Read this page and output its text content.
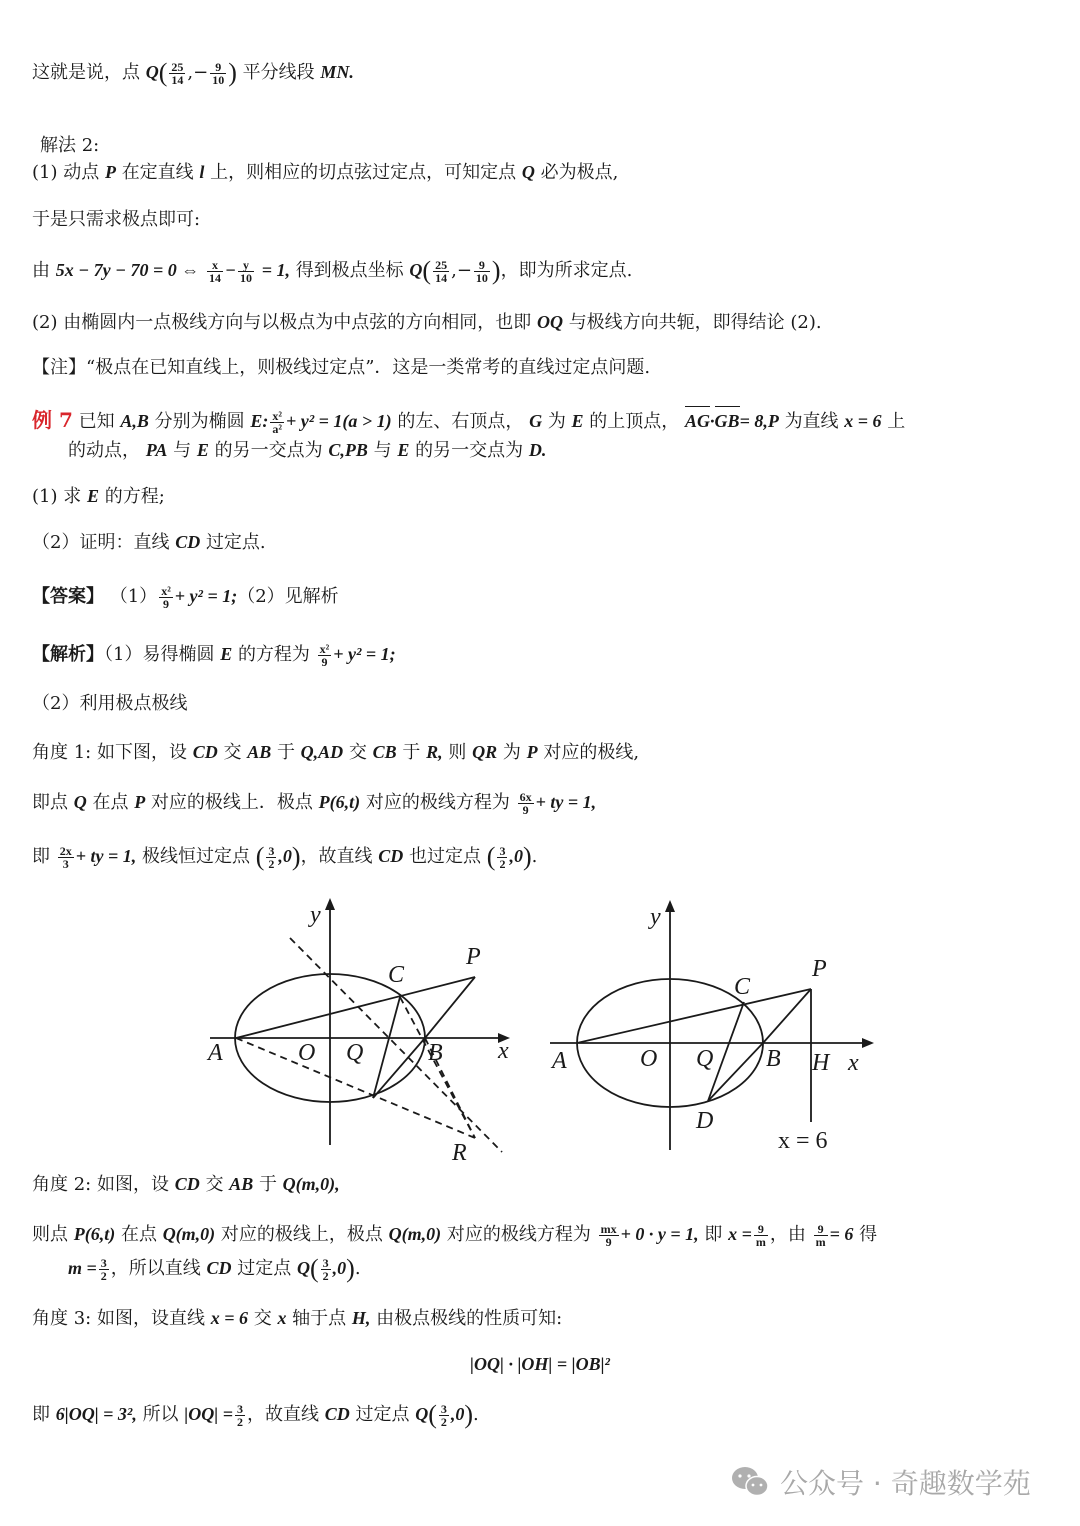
这就是说，点 $Q( \frac{25}{14}$ ,− $\frac{9}{10}$ ) 平分线段 MN.
解法 2:
(1) 动点 P 在定直线 l 上，则相应的切点弦过定点，可知定点 Q 必为极点,
于是只需求极点即可:
由 5x − 7y − 70 = 0 ⇔ $\frac{x}{14} - \frac{y}{10} = 1$, 得到极点坐标 $Q( \frac{25}{14}$ ,− $\frac{9}{10}$ )，即为所求定点.
(2) 由椭圆内一点极线方向与以极点为中点弦的方向相同，也即 OQ 与极线方向共轭，即得结论 (2).
【注】“极点在已知直线上，则极线过定点”．这是一类常考的直线过定点问题.
例 7 已知 A,B 分别为椭圆 E: $\frac{\text{x²}}{\text{a²}} + y^2 = 1(a > 1)$ 的左、右顶点， G 为 E 的上顶点， AG·GB= 8,P 为直线 x = 6 上
的动点， PA 与 E 的另一交点为 C,PB 与 E 的另一交点为 D.
(1) 求 E 的方程;
（2）证明：直线 CD 过定点.
【答案】 $(1) \frac{\text{x²}}{9} + y^2$ = 1;（2）见解析
【解析】（1）易得椭圆 E 的方程为 $\frac{\text{x²}}{9} + y^2 = 1$;
（2）利用极点极线
角度 1: 如下图，设 CD 交 AB 于 Q,AD 交 CB 于 R, 则 QR 为 P 对应的极线,
即点 Q 在点 P 对应的极线上．极点 P(6,t) 对应的极线方程为 $\frac{6x}{9}$ + ty = 1,
即 $\frac{2x}{3}$ + ty = 1, 极线恒过定点 ( $\frac{3}{2} ,0$)，故直线 CD 也过定点 ( $\frac{3}{2} ,0$).
y
x
A	O Q	B
C
P
R
y
x
A	O Q B H
C
P
D
x = 6
角度 2: 如图，设 CD 交 AB 于 Q(m,0),
则点 P(6,t) 在点 Q(m,0) 对应的极线上，极点 Q(m,0) 对应的极线方程为 $\frac{mx}{9} + 0 \cdot y = 1$, 即 $x = \frac{9}{m}$ ，由 $\frac{9}{m} = 6$ 得
$m = \frac{3}{2}$ ，所以直线 CD 过定点 $Q( \frac{3}{2} ,0)$.
角度 3: 如图，设直线 x = 6 交 x 轴于点 H, 由极点极线的性质可知:
|OQ| · |OH| = |OB|²
即 6|OQ| = 3², 所以 $|OQ| = \frac{3}{2}$ ，故直线 CD 过定点 $Q( \frac{3}{2} ,0)$.
公众号 · 奇趣数学苑
